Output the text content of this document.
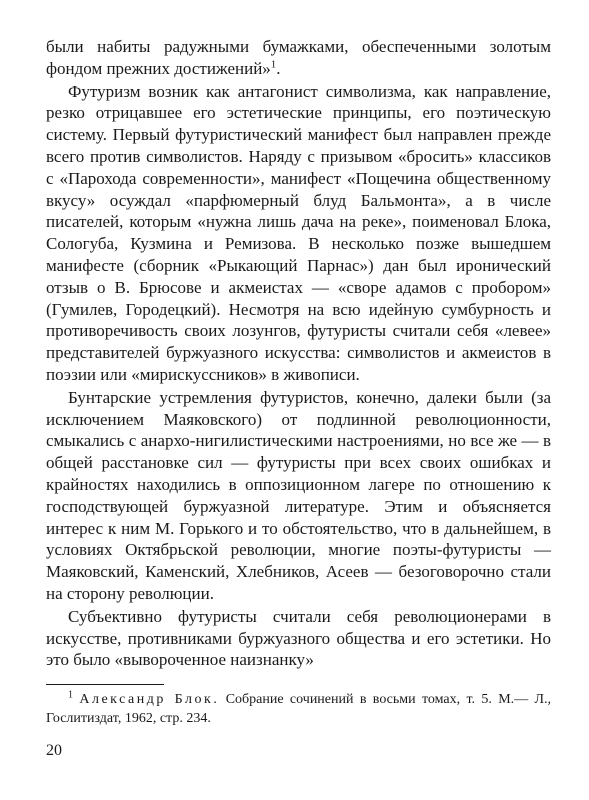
были набиты радужными бумажками, обеспеченными золотым фондом прежних достижений»$^1$.

Футуризм возник как антагонист символизма, как направление, резко отрицавшее его эстетические принципы, его поэтическую систему. Первый футуристический манифест был направлен прежде всего против символистов. Наряду с призывом «бросить» классиков с «Парохода современности», манифест «Пощечина общественному вкусу» осуждал «парфюмерный блуд Бальмонта», а в числе писателей, которым «нужна лишь дача на реке», поименовал Блока, Сологуба, Кузмина и Ремизова. В несколько позже вышедшем манифесте (сборник «Рыкающий Парнас») дан был иронический отзыв о В. Брюсове и акмеистах — «своре адамов с пробором» (Гумилев, Городецкий). Несмотря на всю идейную сумбурность и противоречивость своих лозунгов, футуристы считали себя «левее» представителей буржуазного искусства: символистов и акмеистов в поэзии или «мирискуссников» в живописи.

Бунтарские устремления футуристов, конечно, далеки были (за исключением Маяковского) от подлинной революционности, смыкались с анархо-нигилистическими настроениями, но все же — в общей расстановке сил — футуристы при всех своих ошибках и крайностях находились в оппозиционном лагере по отношению к господствующей буржуазной литературе. Этим и объясняется интерес к ним М. Горького и то обстоятельство, что в дальнейшем, в условиях Октябрьской революции, многие поэты-футуристы — Маяковский, Каменский, Хлебников, Асеев — безоговорочно стали на сторону революции.

Субъективно футуристы считали себя революционерами в искусстве, противниками буржуазного общества и его эстетики. Но это было «вывороченное наизнанку»

$^1$ Александр Блок. Собрание сочинений в восьми томах, т. 5. М.— Л., Гослитиздат, 1962, стр. 234.

20
